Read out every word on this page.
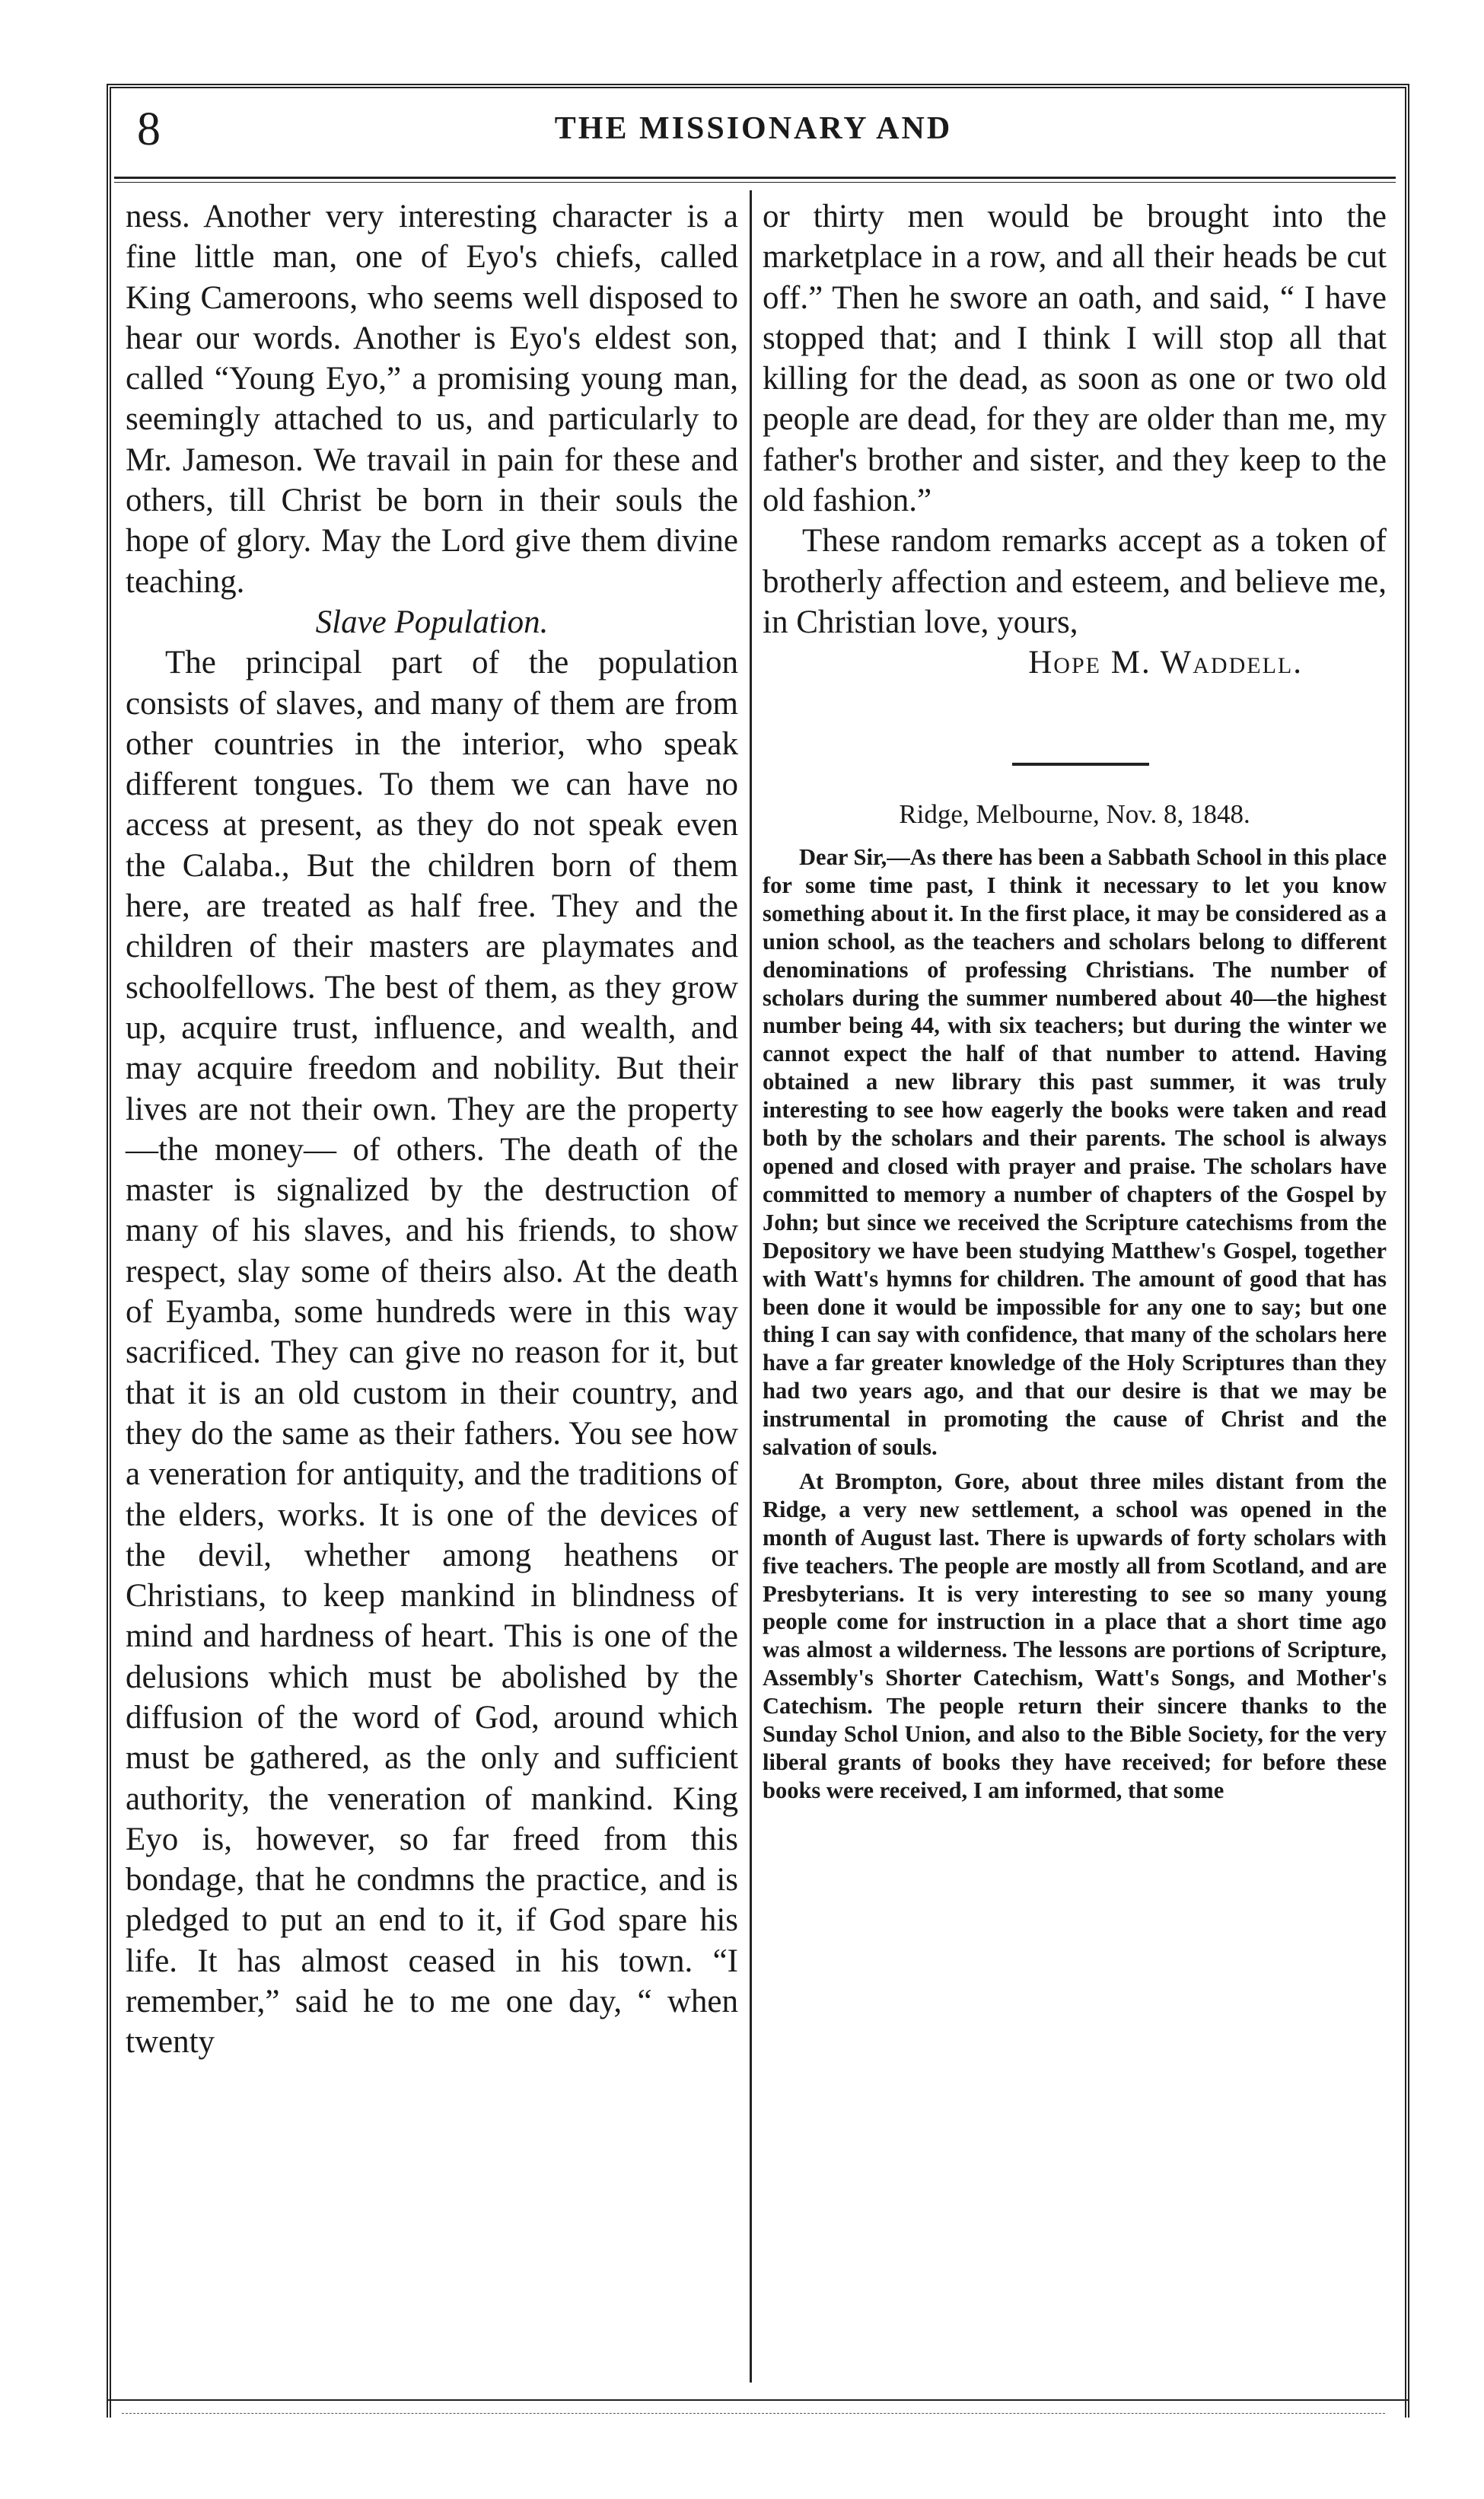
8	THE MISSIONARY AND

ness. Another very interesting character is a fine little man, one of Eyo's chiefs, called King Cameroons, who seems well disposed to hear our words. Another is Eyo's eldest son, called “Young Eyo,” a promising young man, seemingly attached to us, and particularly to Mr. Jameson. We travail in pain for these and others, till Christ be born in their souls the hope of glory. May the Lord give them divine teaching.

Slave Population.

The principal part of the population consists of slaves, and many of them are from other countries in the interior, who speak different tongues. To them we can have no access at present, as they do not speak even the Calaba., But the children born of them here, are treated as half free. They and the children of their masters are playmates and schoolfellows. The best of them, as they grow up, acquire trust, influence, and wealth, and may acquire freedom and nobility. But their lives are not their own. They are the property —the money— of others. The death of the master is signalized by the destruction of many of his slaves, and his friends, to show respect, slay some of theirs also. At the death of Eyamba, some hundreds were in this way sacrificed. They can give no reason for it, but that it is an old custom in their country, and they do the same as their fathers. You see how a veneration for antiquity, and the traditions of the elders, works. It is one of the devices of the devil, whether among heathens or Christians, to keep mankind in blindness of mind and hardness of heart. This is one of the delusions which must be abolished by the diffusion of the word of God, around which must be gathered, as the only and sufficient authority, the veneration of mankind. King Eyo is, however, so far freed from this bondage, that he condmns the practice, and is pledged to put an end to it, if God spare his life. It has almost ceased in his town. “I remember,” said he to me one day, “ when twenty

or thirty men would be brought into the marketplace in a row, and all their heads be cut off.” Then he swore an oath, and said, “ I have stopped that; and I think I will stop all that killing for the dead, as soon as one or two old people are dead, for they are older than me, my father's brother and sister, and they keep to the old fashion.”

These random remarks accept as a token of brotherly affection and esteem, and believe me, in Christian love, yours,

Hope M. Waddell.
Ridge, Melbourne, Nov. 8, 1848.

Dear Sir,—As there has been a Sabbath School in this place for some time past, I think it necessary to let you know something about it. In the first place, it may be considered as a union school, as the teachers and scholars belong to different denominations of professing Christians. The number of scholars during the summer numbered about 40—the highest number being 44, with six teachers; but during the winter we cannot expect the half of that number to attend. Having obtained a new library this past summer, it was truly interesting to see how eagerly the books were taken and read both by the scholars and their parents. The school is always opened and closed with prayer and praise. The scholars have committed to memory a number of chapters of the Gospel by John; but since we received the Scripture catechisms from the Depository we have been studying Matthew's Gospel, together with Watt's hymns for children. The amount of good that has been done it would be impossible for any one to say; but one thing I can say with confidence, that many of the scholars here have a far greater knowledge of the Holy Scriptures than they had two years ago, and that our desire is that we may be instrumental in promoting the cause of Christ and the salvation of souls.

At Brompton, Gore, about three miles distant from the Ridge, a very new settlement, a school was opened in the month of August last. There is upwards of forty scholars with five teachers. The people are mostly all from Scotland, and are Presbyterians. It is very interesting to see so many young people come for instruction in a place that a short time ago was almost a wilderness. The lessons are portions of Scripture, Assembly's Shorter Catechism, Watt's Songs, and Mother's Catechism. The people return their sincere thanks to the Sunday Schol Union, and also to the Bible Society, for the very liberal grants of books they have received; for before these books were received, I am informed, that some
